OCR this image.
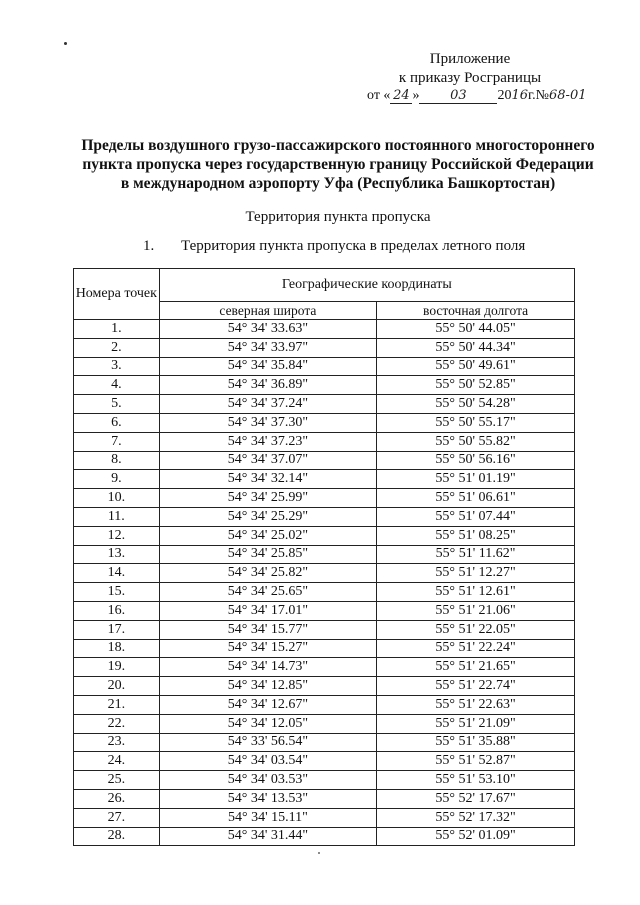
Приложение
к приказу Росграницы
от « 24 » 03 2016г.№68-01
Пределы воздушного грузо-пассажирского постоянного многостороннего пункта пропуска через государственную границу Российской Федерации в международном аэропорту Уфа (Республика Башкортостан)
Территория пункта пропуска
1. Территория пункта пропуска в пределах летного поля
Номера точек	Географические координаты	
	северная широта	восточная долгота
1.	54° 34' 33.63"	55° 50' 44.05"
2.	54° 34' 33.97"	55° 50' 44.34"
3.	54° 34' 35.84"	55° 50' 49.61"
4.	54° 34' 36.89"	55° 50' 52.85"
5.	54° 34' 37.24"	55° 50' 54.28"
6.	54° 34' 37.30"	55° 50' 55.17"
7.	54° 34' 37.23"	55° 50' 55.82"
8.	54° 34' 37.07"	55° 50' 56.16"
9.	54° 34' 32.14"	55° 51' 01.19"
10.	54° 34' 25.99"	55° 51' 06.61"
11.	54° 34' 25.29"	55° 51' 07.44"
12.	54° 34' 25.02"	55° 51' 08.25"
13.	54° 34' 25.85"	55° 51' 11.62"
14.	54° 34' 25.82"	55° 51' 12.27"
15.	54° 34' 25.65"	55° 51' 12.61"
16.	54° 34' 17.01"	55° 51' 21.06"
17.	54° 34' 15.77"	55° 51' 22.05"
18.	54° 34' 15.27"	55° 51' 22.24"
19.	54° 34' 14.73"	55° 51' 21.65"
20.	54° 34' 12.85"	55° 51' 22.74"
21.	54° 34' 12.67"	55° 51' 22.63"
22.	54° 34' 12.05"	55° 51' 21.09"
23.	54° 33' 56.54"	55° 51' 35.88"
24.	54° 34' 03.54"	55° 51' 52.87"
25.	54° 34' 03.53"	55° 51' 53.10"
26.	54° 34' 13.53"	55° 52' 17.67"
27.	54° 34' 15.11"	55° 52' 17.32"
28.	54° 34' 31.44"	55° 52' 01.09"
